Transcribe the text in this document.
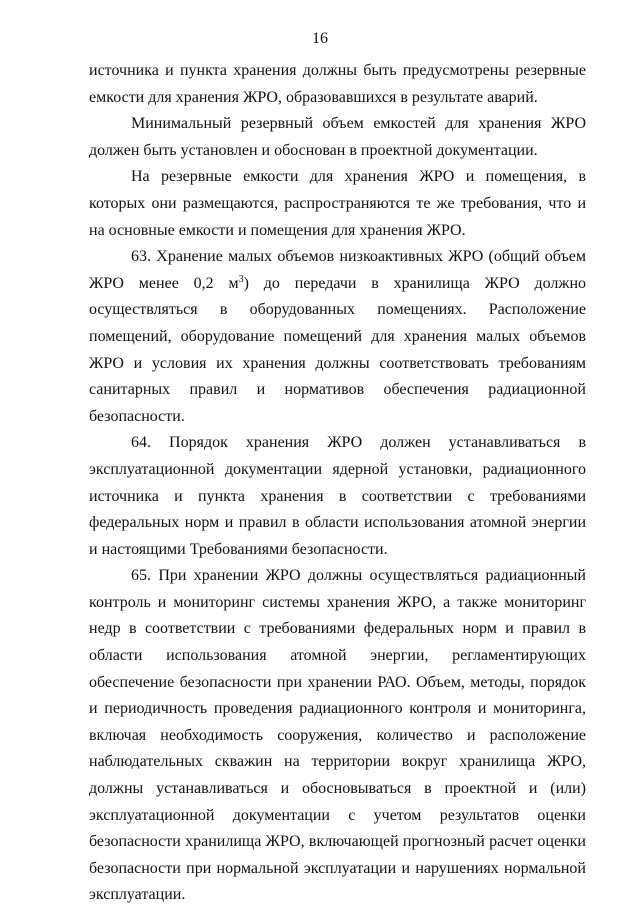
16

источника и пункта хранения должны быть предусмотрены резервные емкости для хранения ЖРО, образовавшихся в результате аварий.

Минимальный резервный объем емкостей для хранения ЖРО должен быть установлен и обоснован в проектной документации.

На резервные емкости для хранения ЖРО и помещения, в которых они размещаются, распространяются те же требования, что и на основные емкости и помещения для хранения ЖРО.

63. Хранение малых объемов низкоактивных ЖРО (общий объем ЖРО менее 0,2 $м^3$) до передачи в хранилища ЖРО должно осуществляться в оборудованных помещениях. Расположение помещений, оборудование помещений для хранения малых объемов ЖРО и условия их хранения должны соответствовать требованиям санитарных правил и нормативов обеспечения радиационной безопасности.

64. Порядок хранения ЖРО должен устанавливаться в эксплуатационной документации ядерной установки, радиационного источника и пункта хранения в соответствии с требованиями федеральных норм и правил в области использования атомной энергии и настоящими Требованиями безопасности.

65. При хранении ЖРО должны осуществляться радиационный контроль и мониторинг системы хранения ЖРО, а также мониторинг недр в соответствии с требованиями федеральных норм и правил в области использования атомной энергии, регламентирующих обеспечение безопасности при хранении РАО. Объем, методы, порядок и периодичность проведения радиационного контроля и мониторинга, включая необходимость сооружения, количество и расположение наблюдательных скважин на территории вокруг хранилища ЖРО, должны устанавливаться и обосновываться в проектной и (или) эксплуатационной документации с учетом результатов оценки безопасности хранилища ЖРО, включающей прогнозный расчет оценки безопасности при нормальной эксплуатации и нарушениях нормальной эксплуатации.
